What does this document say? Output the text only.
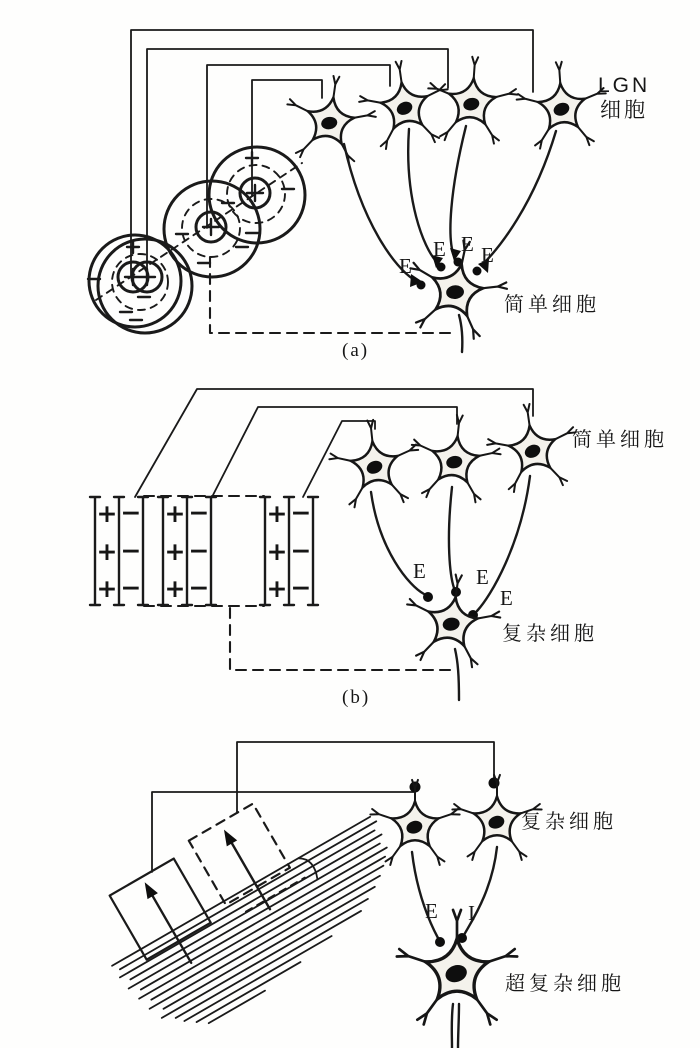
LGN
细胞
E
E E E
简单细胞
(a)
+
+
+
−
−
−
+
+
+
−
−
−
+
+
+
−
−
−
简单细胞
E E
E
复杂细胞
(b)
复杂细胞
E I
超复杂细胞
